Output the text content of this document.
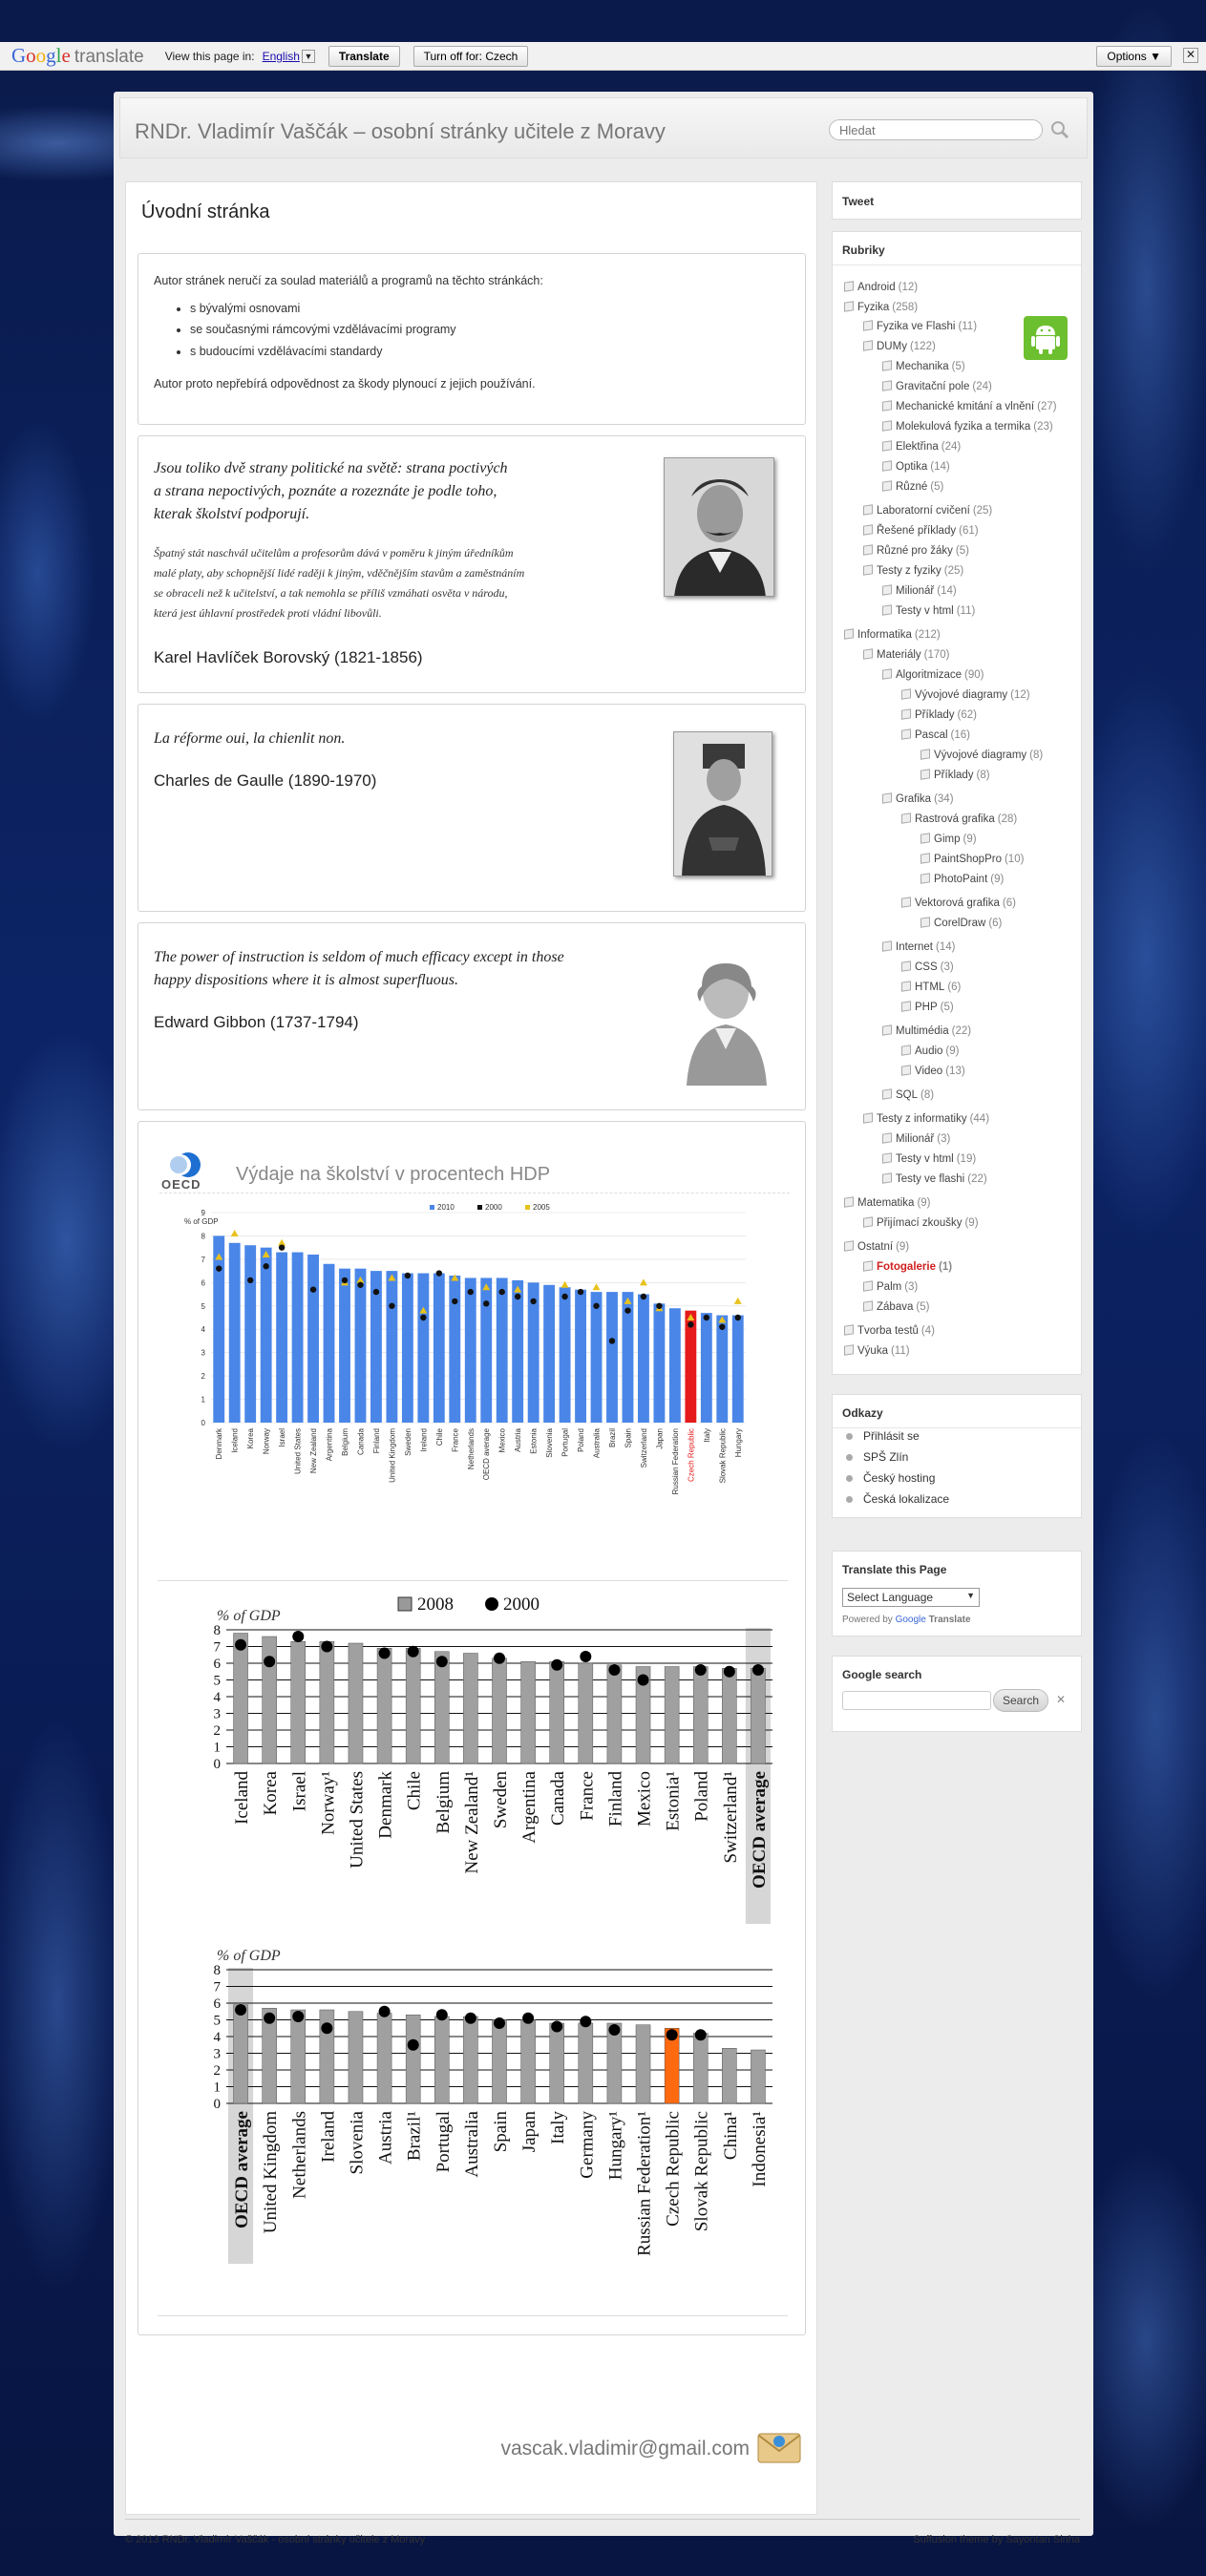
Google translate View this page in: English ▼	Translate	Turn off for: Czech	Options ▼	✕
RNDr. Vladimír Vaščák – osobní stránky učitele z Moravy
Hledat
Úvodní stránka
Autor stránek neručí za soulad materiálů a programů na těchto stránkách:
• s bývalými osnovami
• se současnými rámcovými vzdělávacími programy
• s budoucími vzdělávacími standardy
Autor proto nepřebírá odpovědnost za škody plynoucí z jejich používání.
Jsou toliko dvě strany politické na světě: strana poctivých
a strana nepoctivých, poznáte a rozeznáte je podle toho,
kterak školství podporují.
Špatný stát naschvál učitelům a profesorům dává v poměru k jiným úředníkům
malé platy, aby schopnější lidé raději k jiným, vděčnějším stavům a zaměstnáním
se obraceli než k učitelství, a tak nemohla se příliš vzmáhati osvěta v národu,
která jest úhlavní prostředek proti vládní libovůli.
Karel Havlíček Borovský (1821-1856)
La réforme oui, la chienlit non.
Charles de Gaulle (1890-1970)
The power of instruction is seldom of much efficacy except in those
happy dispositions where it is almost superfluous.
Edward Gibbon (1737-1794)
OECD Výdaje na školství v procentech HDP
2010	2000	2005
% of GDP
0
1
2
3
4
5
6
7
8
9
Denmark Iceland Korea Norway Israel United States New Zealand Argentina Belgium Canada Finland United Kingdom Sweden Ireland Chile France Netherlands OECD average Mexico Austria Estonia Slovenia Portugal Poland Australia Brazil Spain Switzerland Japan Russian Federation Czech Republic Italy Slovak Republic Hungary
2008	2000
% of GDP
0
1
2
3
4
5
6
7
8
Iceland Korea Israel Norway¹ United States Denmark Chile Belgium New Zealand¹ Sweden Argentina Canada France Finland Mexico Estonia¹ Poland Switzerland¹ OECD average
% of GDP
0
1
2
3
4
5
6
7
8
OECD average United Kingdom Netherlands Ireland Slovenia Austria Brazil¹ Portugal Australia Spain Japan Italy Germany Hungary¹ Russian Federation¹ Czech Republic Slovak Republic China¹ Indonesia¹
vascak.vladimir@gmail.com
Tweet
Rubriky
Android (12)
Fyzika (258)
Fyzika ve Flashi (11)
DUMy (122)
Mechanika (5)
Gravitační pole (24)
Mechanické kmitání a vlnění (27)
Molekulová fyzika a termika (23)
Elektřina (24)
Optika (14)
Různé (5)
Laboratorní cvičení (25)
Řešené příklady (61)
Různé pro žáky (5)
Testy z fyziky (25)
Milionář (14)
Testy v html (11)
Informatika (212)
Materiály (170)
Algoritmizace (90)
Vývojové diagramy (12)
Příklady (62)
Pascal (16)
Vývojové diagramy (8)
Příklady (8)
Grafika (34)
Rastrová grafika (28)
Gimp (9)
PaintShopPro (10)
PhotoPaint (9)
Vektorová grafika (6)
CorelDraw (6)
Internet (14)
CSS (3)
HTML (6)
PHP (5)
Multimédia (22)
Audio (9)
Video (13)
SQL (8)
Testy z informatiky (44)
Milionář (3)
Testy v html (19)
Testy ve flashi (22)
Matematika (9)
Přijímací zkoušky (9)
Ostatní (9)
Fotogalerie (1)
Palm (3)
Zábava (5)
Tvorba testů (4)
Výuka (11)
Odkazy
Přihlásit se
SPŠ Zlín
Český hosting
Česká lokalizace
Translate this Page
Select Language	▼
Powered by Google Translate
Google search
Search	✕
© 2013 RNDr. Vladimír Vaščák - osobní stránky učitele z Moravy	Suffusion theme by Sayontan Sinha
